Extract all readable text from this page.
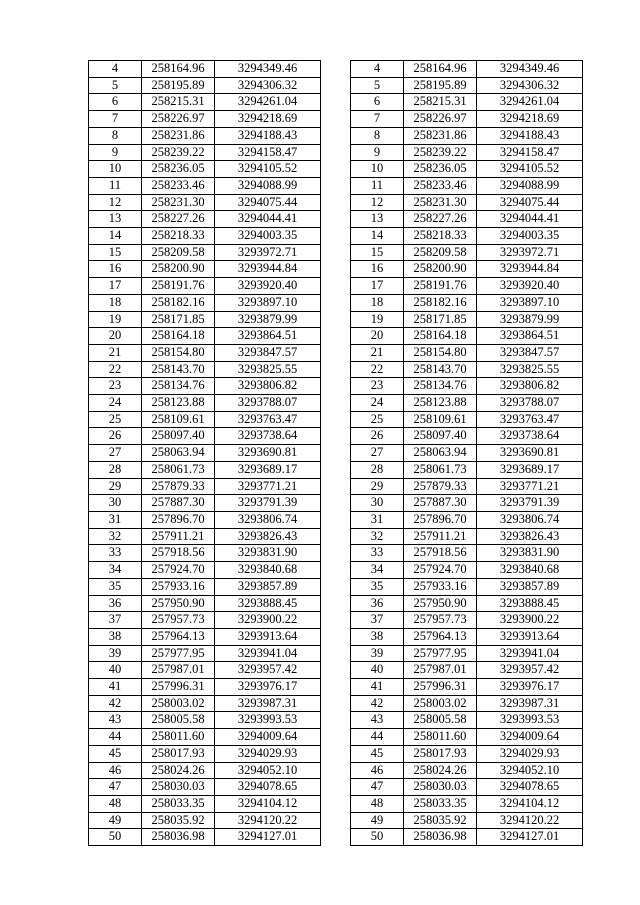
4	258164.96	3294349.46
5	258195.89	3294306.32
6	258215.31	3294261.04
7	258226.97	3294218.69
8	258231.86	3294188.43
9	258239.22	3294158.47
10	258236.05	3294105.52
11	258233.46	3294088.99
12	258231.30	3294075.44
13	258227.26	3294044.41
14	258218.33	3294003.35
15	258209.58	3293972.71
16	258200.90	3293944.84
17	258191.76	3293920.40
18	258182.16	3293897.10
19	258171.85	3293879.99
20	258164.18	3293864.51
21	258154.80	3293847.57
22	258143.70	3293825.55
23	258134.76	3293806.82
24	258123.88	3293788.07
25	258109.61	3293763.47
26	258097.40	3293738.64
27	258063.94	3293690.81
28	258061.73	3293689.17
29	257879.33	3293771.21
30	257887.30	3293791.39
31	257896.70	3293806.74
32	257911.21	3293826.43
33	257918.56	3293831.90
34	257924.70	3293840.68
35	257933.16	3293857.89
36	257950.90	3293888.45
37	257957.73	3293900.22
38	257964.13	3293913.64
39	257977.95	3293941.04
40	257987.01	3293957.42
41	257996.31	3293976.17
42	258003.02	3293987.31
43	258005.58	3293993.53
44	258011.60	3294009.64
45	258017.93	3294029.93
46	258024.26	3294052.10
47	258030.03	3294078.65
48	258033.35	3294104.12
49	258035.92	3294120.22
50	258036.98	3294127.01
4	258164.96	3294349.46
5	258195.89	3294306.32
6	258215.31	3294261.04
7	258226.97	3294218.69
8	258231.86	3294188.43
9	258239.22	3294158.47
10	258236.05	3294105.52
11	258233.46	3294088.99
12	258231.30	3294075.44
13	258227.26	3294044.41
14	258218.33	3294003.35
15	258209.58	3293972.71
16	258200.90	3293944.84
17	258191.76	3293920.40
18	258182.16	3293897.10
19	258171.85	3293879.99
20	258164.18	3293864.51
21	258154.80	3293847.57
22	258143.70	3293825.55
23	258134.76	3293806.82
24	258123.88	3293788.07
25	258109.61	3293763.47
26	258097.40	3293738.64
27	258063.94	3293690.81
28	258061.73	3293689.17
29	257879.33	3293771.21
30	257887.30	3293791.39
31	257896.70	3293806.74
32	257911.21	3293826.43
33	257918.56	3293831.90
34	257924.70	3293840.68
35	257933.16	3293857.89
36	257950.90	3293888.45
37	257957.73	3293900.22
38	257964.13	3293913.64
39	257977.95	3293941.04
40	257987.01	3293957.42
41	257996.31	3293976.17
42	258003.02	3293987.31
43	258005.58	3293993.53
44	258011.60	3294009.64
45	258017.93	3294029.93
46	258024.26	3294052.10
47	258030.03	3294078.65
48	258033.35	3294104.12
49	258035.92	3294120.22
50	258036.98	3294127.01
